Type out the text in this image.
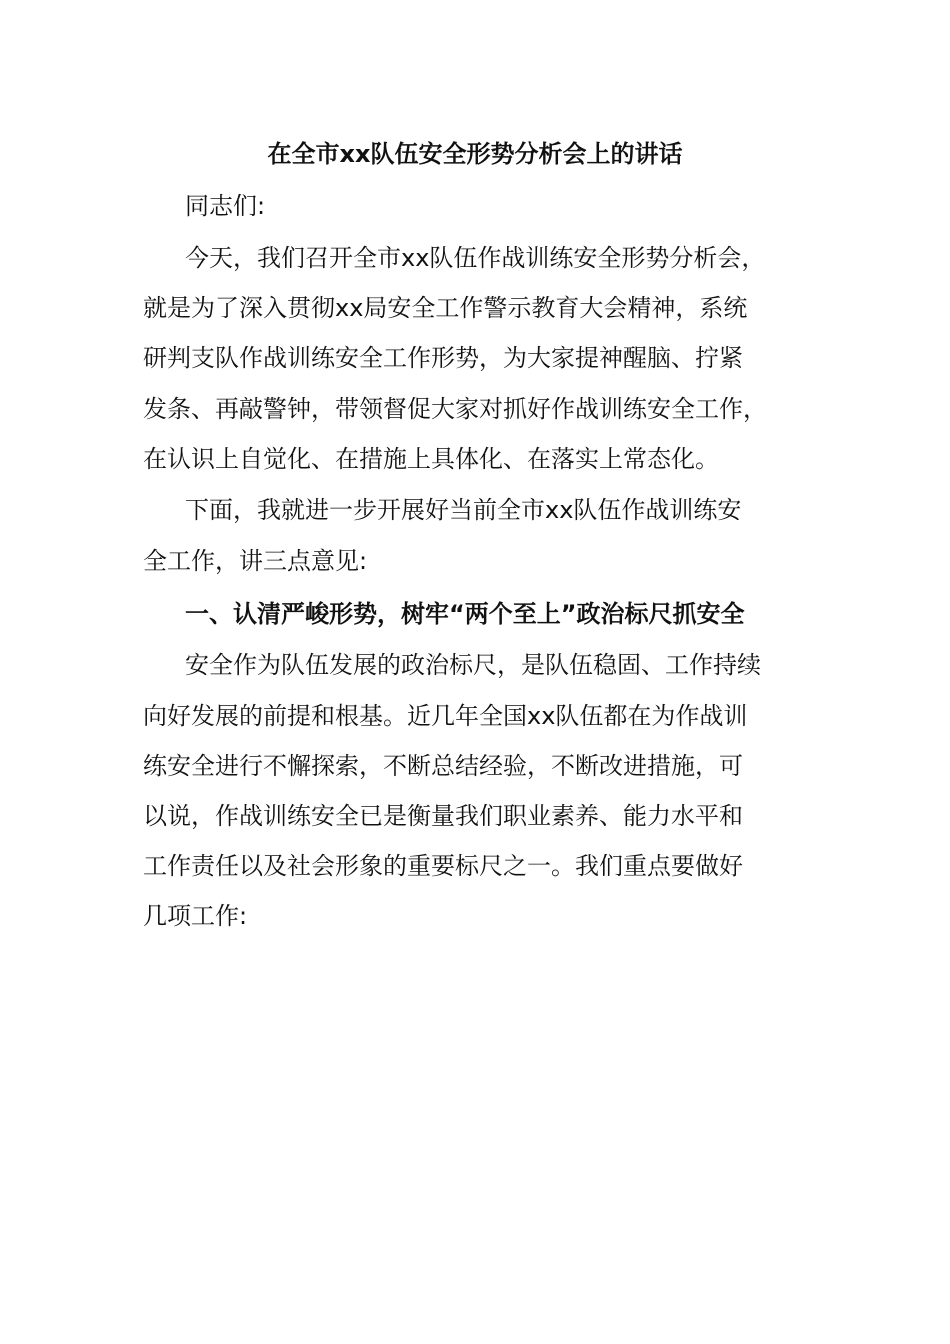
在全市xx队伍安全形势分析会上的讲话
同志们:
今天，我们召开全市xx队伍作战训练安全形势分析会，
就是为了深入贯彻xx局安全工作警示教育大会精神，系统
研判支队作战训练安全工作形势，为大家提神醒脑、拧紧
发条、再敲警钟，带领督促大家对抓好作战训练安全工作，
在认识上自觉化、在措施上具体化、在落实上常态化。
下面，我就进一步开展好当前全市xx队伍作战训练安
全工作，讲三点意见:
一、认清严峻形势，树牢“两个至上”政治标尺抓安全
安全作为队伍发展的政治标尺，是队伍稳固、工作持续
向好发展的前提和根基。近几年全国xx队伍都在为作战训
练安全进行不懈探索，不断总结经验，不断改进措施，可
以说，作战训练安全已是衡量我们职业素养、能力水平和
工作责任以及社会形象的重要标尺之一。我们重点要做好
几项工作:
